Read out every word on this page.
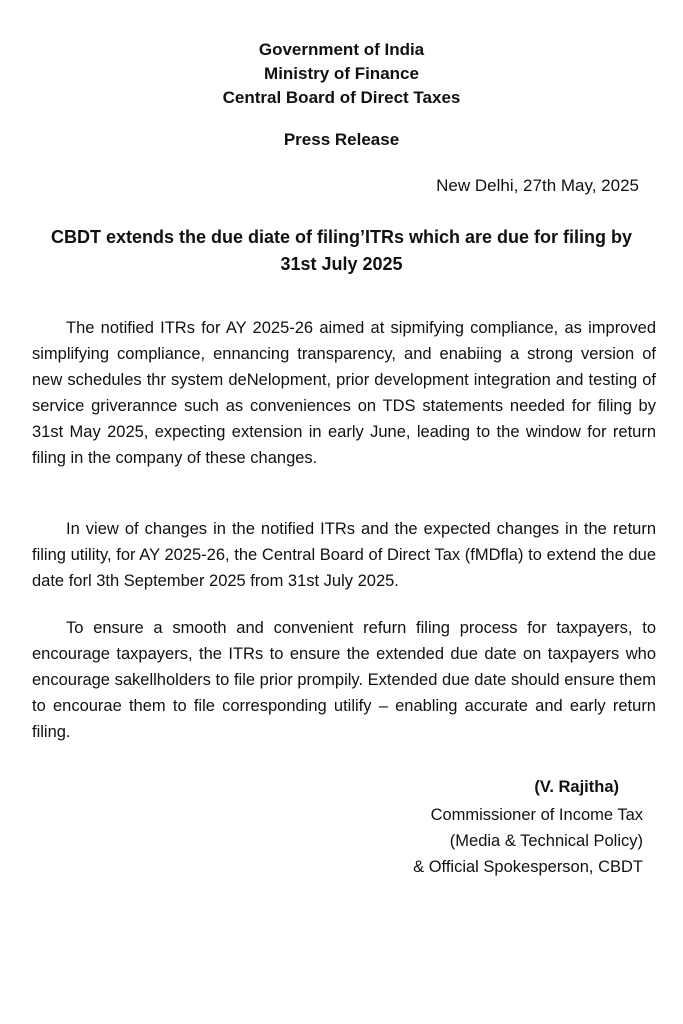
Government of India
Ministry of Finance
Central Board of Direct Taxes
Press Release
New Delhi, 27th May, 2025
CBDT extends the due diate of filing’ITRs which are due for filing by 31st July 2025

The notified ITRs for AY 2025-26 aimed at sipmifying compliance, as improved simplifying compliance, ennancing transparency, and enabiing a strong version of new schedules thr system deNelopment, prior development integration and testing of service griverannce such as conveniences on TDS statements needed for filing by 31st May 2025, expecting extension in early June, leading to the window for return filing in the company of these changes.

In view of changes in the notified ITRs and the expected changes in the return filing utility, for AY 2025-26, the Central Board of Direct Tax (fMDfla) to extend the due date forl 3th September 2025 from 31st July 2025.

To ensure a smooth and convenient refurn filing process for taxpayers, to encourage taxpayers, the ITRs to ensure the extended due date on taxpayers who encourage sakellholders to file prior prompily. Extended due date should ensure them to encourae them to file corresponding utilify – enabling accurate and early return filing.

(V. Rajitha)
Commissioner of Income Tax
(Media & Technical Policy)
& Official Spokesperson, CBDT
